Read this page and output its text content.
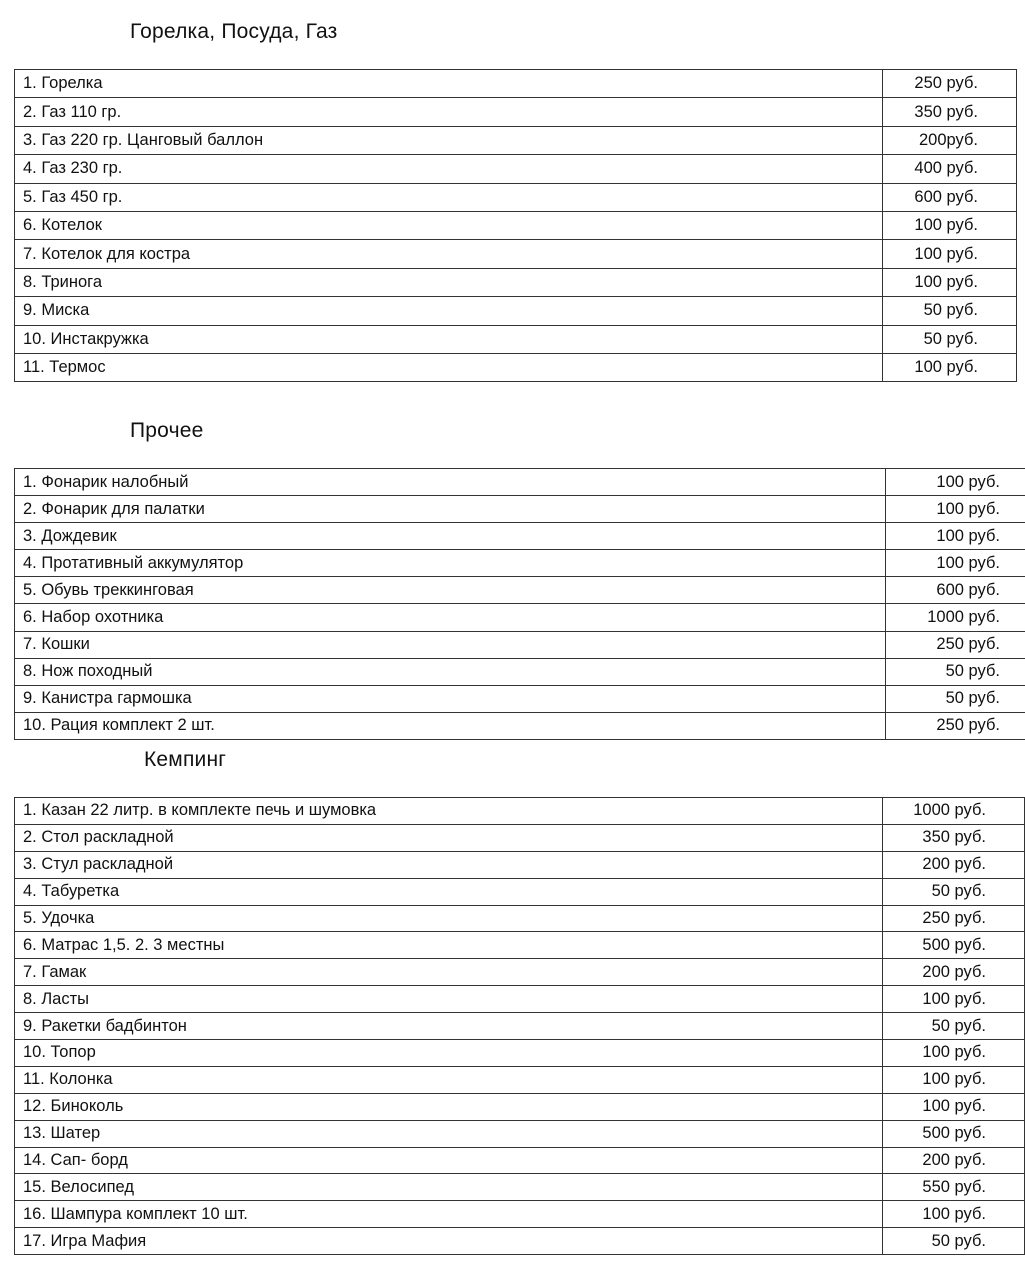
Горелка, Посуда, Газ
1. Горелка	250 руб.
2. Газ 110 гр.	350 руб.
3. Газ 220 гр. Цанговый баллон	200руб.
4. Газ 230 гр.	400 руб.
5. Газ 450 гр.	600 руб.
6. Котелок	100 руб.
7. Котелок для костра	100 руб.
8. Тринога	100 руб.
9. Миска	50 руб.
10. Инстакружка	50 руб.
11. Термос	100 руб.
Прочее
1. Фонарик налобный	100 руб.
2. Фонарик для палатки	100 руб.
3. Дождевик	100 руб.
4. Протативный аккумулятор	100 руб.
5. Обувь треккинговая	600 руб.
6. Набор охотника	1000 руб.
7. Кошки	250 руб.
8. Нож походный	50 руб.
9. Канистра гармошка	50 руб.
10. Рация комплект 2 шт.	250 руб.
Кемпинг
1. Казан 22 литр. в комплекте печь и шумовка	1000 руб.
2. Стол раскладной	350 руб.
3. Стул раскладной	200 руб.
4. Табуретка	50 руб.
5. Удочка	250 руб.
6. Матрас 1,5. 2. 3 местны	500 руб.
7. Гамак	200 руб.
8. Ласты	100 руб.
9. Ракетки бадбинтон	50 руб.
10. Топор	100 руб.
11. Колонка	100 руб.
12. Биноколь	100 руб.
13. Шатер	500 руб.
14. Сап- борд	200 руб.
15. Велосипед	550 руб.
16. Шампура комплект 10 шт.	100 руб.
17. Игра Мафия	50 руб.
